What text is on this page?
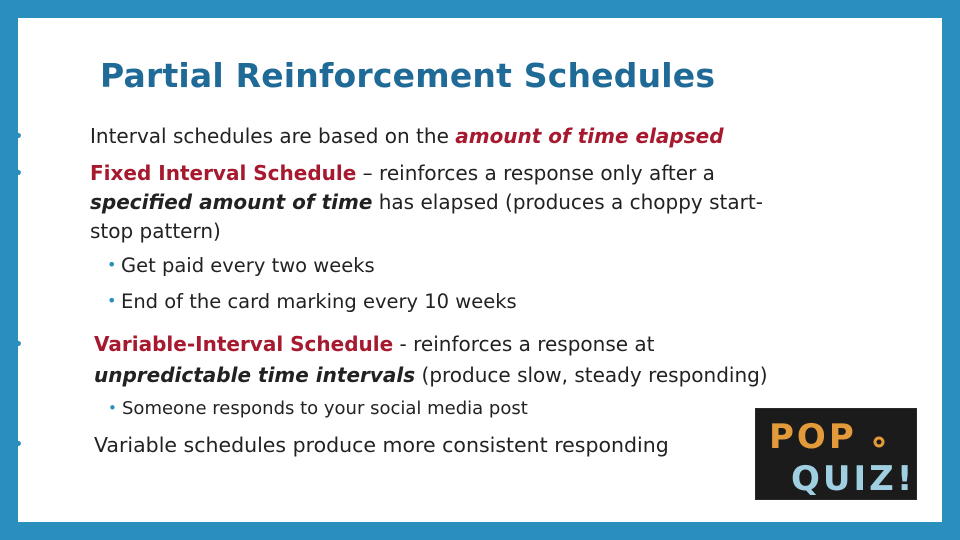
Partial Reinforcement Schedules
•	Interval schedules are based on the amount of time elapsed
•	Fixed Interval Schedule – reinforces a response only after a
specified amount of time has elapsed (produces a choppy start-
stop pattern)
• Get paid every two weeks
• End of the card marking every 10 weeks
•	Variable-Interval Schedule - reinforces a response at
unpredictable time intervals (produce slow, steady responding)
• Someone responds to your social media post
•	Variable schedules produce more consistent responding	POP
QUIZ!
